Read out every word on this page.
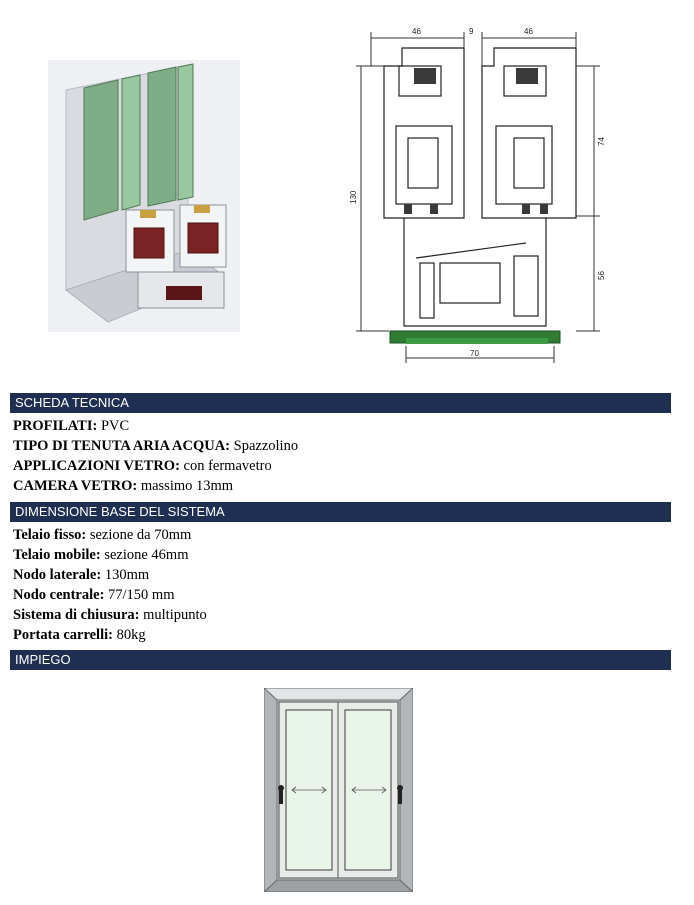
46	9	46
130
74
56
70
SCHEDA TECNICA
PROFILATI: PVC
TIPO DI TENUTA ARIA ACQUA: Spazzolino
APPLICAZIONI VETRO: con fermavetro
CAMERA VETRO: massimo 13mm
DIMENSIONE BASE DEL SISTEMA
Telaio fisso: sezione da 70mm
Telaio mobile: sezione 46mm
Nodo laterale: 130mm
Nodo centrale: 77/150 mm
Sistema di chiusura: multipunto
Portata carrelli: 80kg
IMPIEGO
